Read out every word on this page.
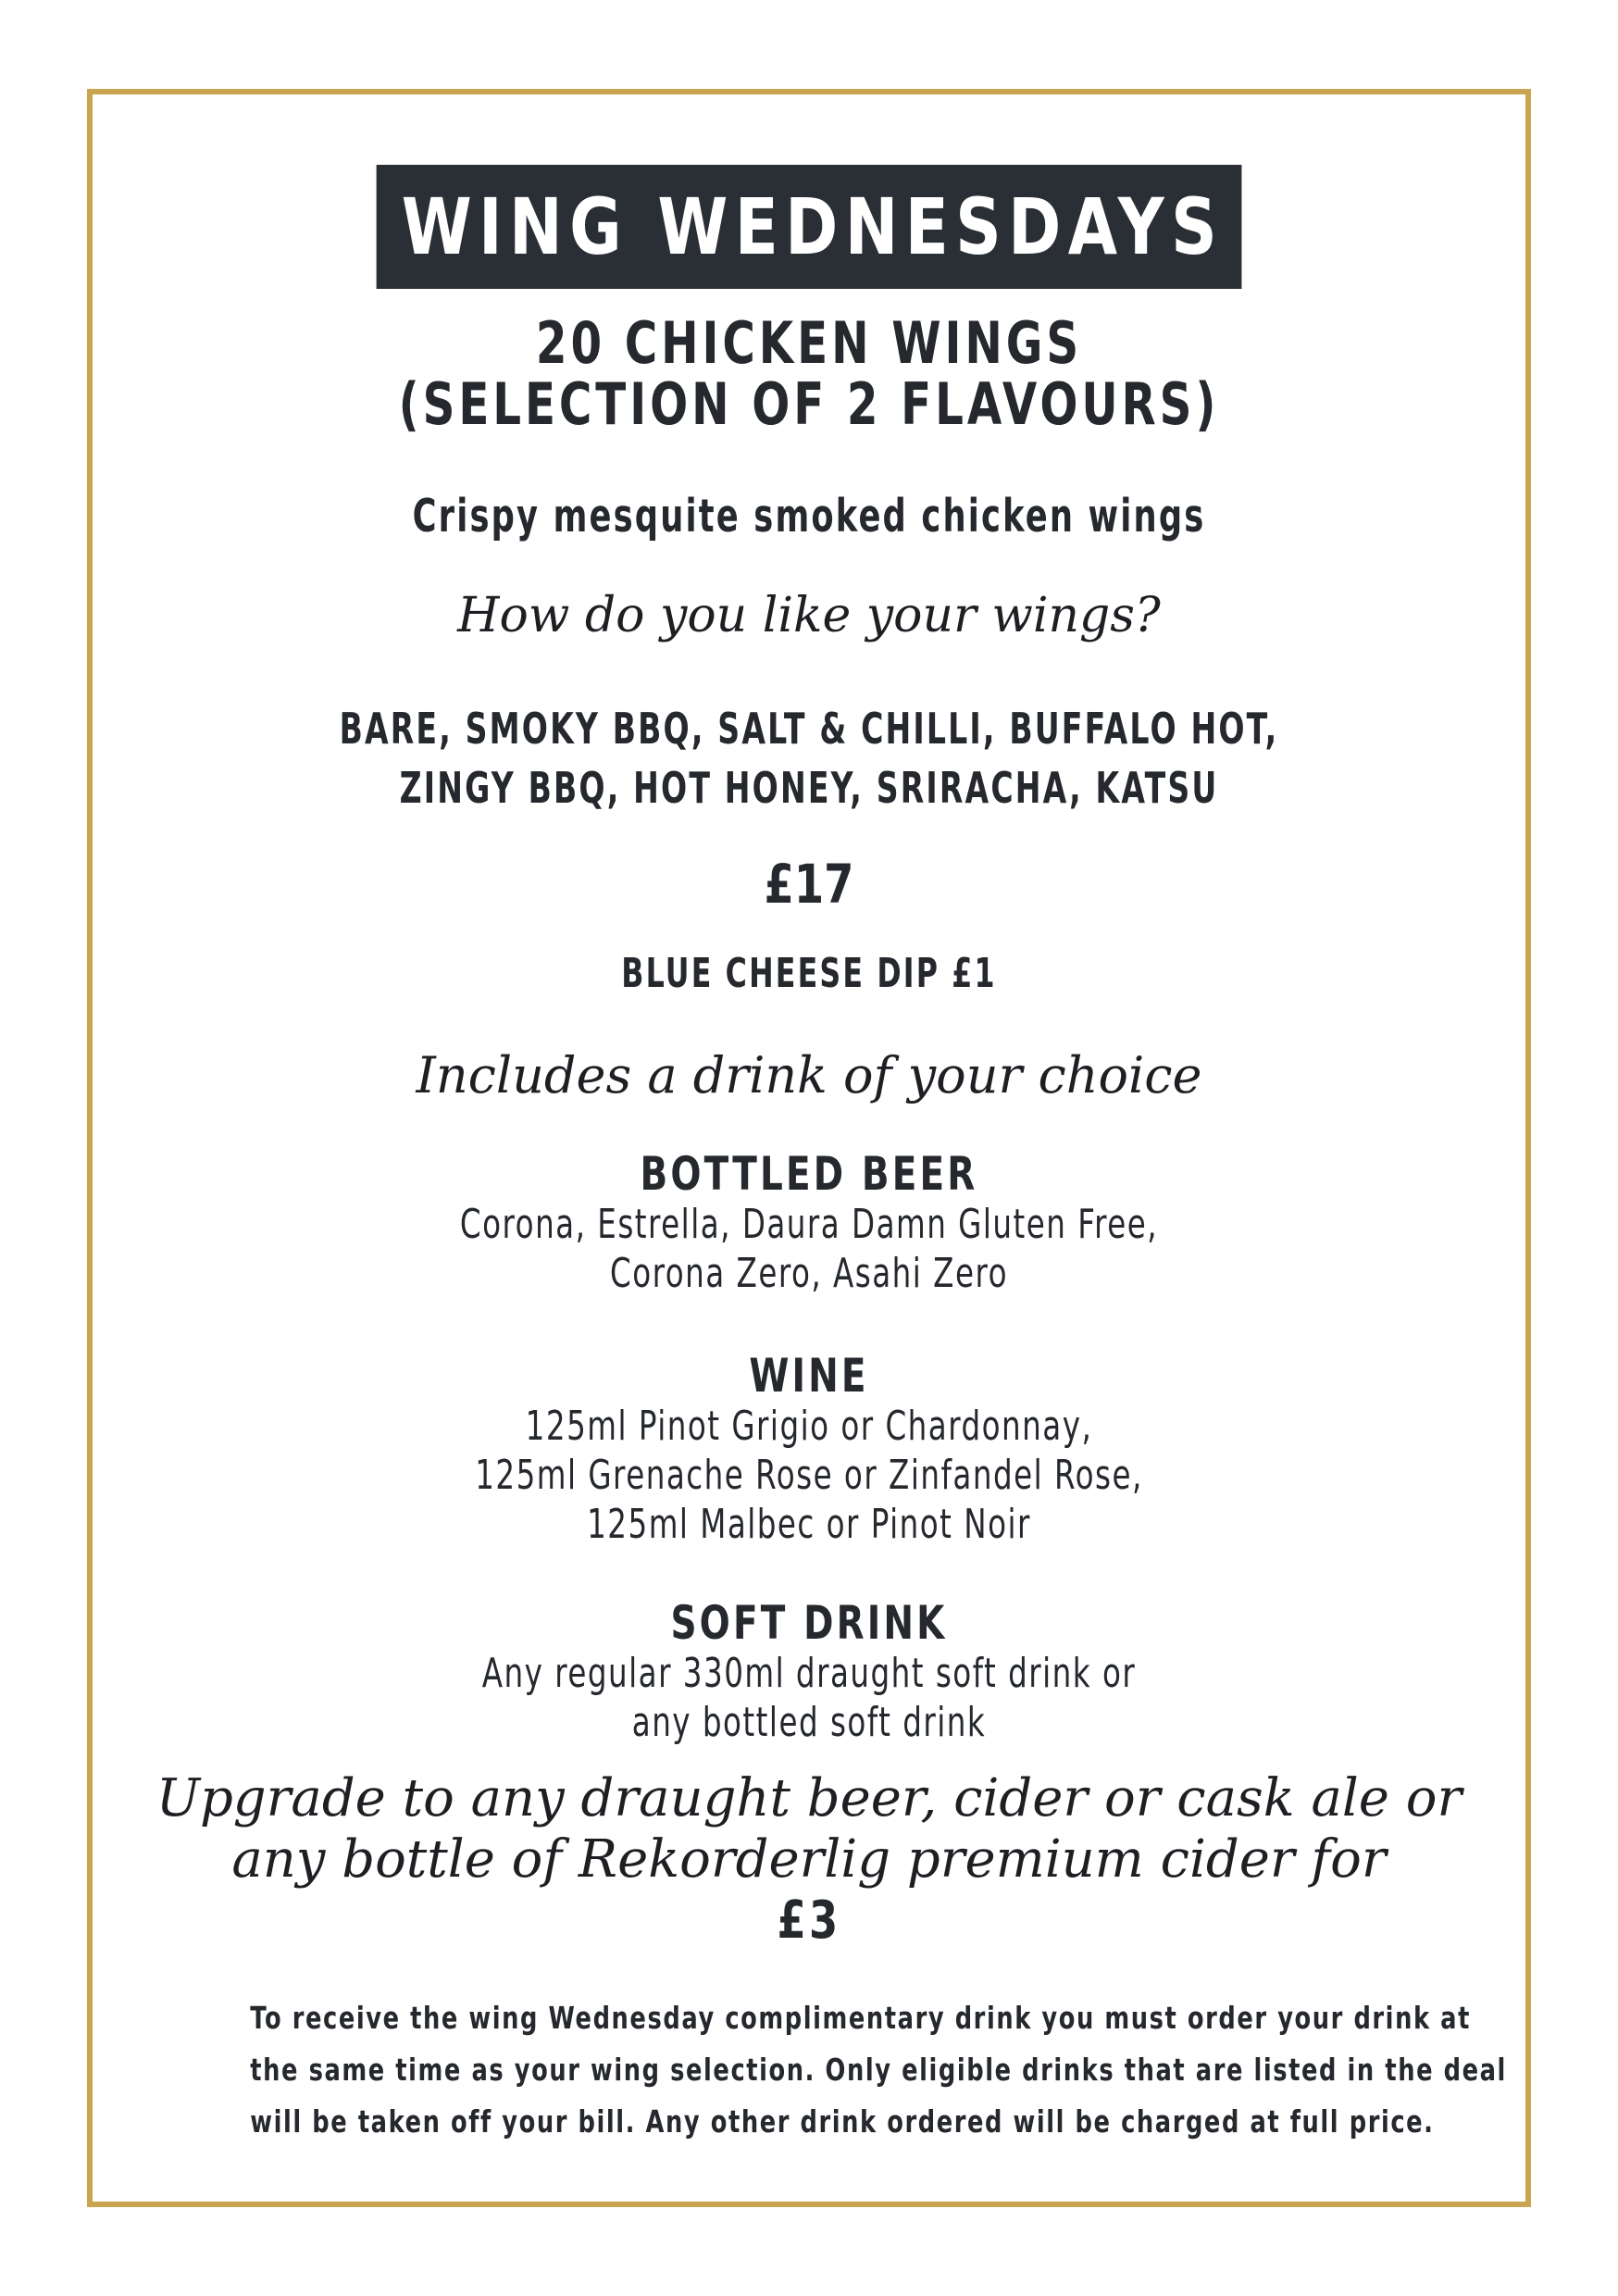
WING WEDNESDAYS
20 CHICKEN WINGS
(SELECTION OF 2 FLAVOURS)
Crispy mesquite smoked chicken wings
How do you like your wings?
BARE, SMOKY BBQ, SALT & CHILLI, BUFFALO HOT,
ZINGY BBQ, HOT HONEY, SRIRACHA, KATSU
£17
BLUE CHEESE DIP £1
Includes a drink of your choice
BOTTLED BEER
Corona, Estrella, Daura Damn Gluten Free,
Corona Zero, Asahi Zero
WINE
125ml Pinot Grigio or Chardonnay,
125ml Grenache Rose or Zinfandel Rose,
125ml Malbec or Pinot Noir
SOFT DRINK
Any regular 330ml draught soft drink or
any bottled soft drink
Upgrade to any draught beer, cider or cask ale or
any bottle of Rekorderlig premium cider for
£3
To receive the wing Wednesday complimentary drink you must order your drink at
the same time as your wing selection. Only eligible drinks that are listed in the deal
will be taken off your bill. Any other drink ordered will be charged at full price.
